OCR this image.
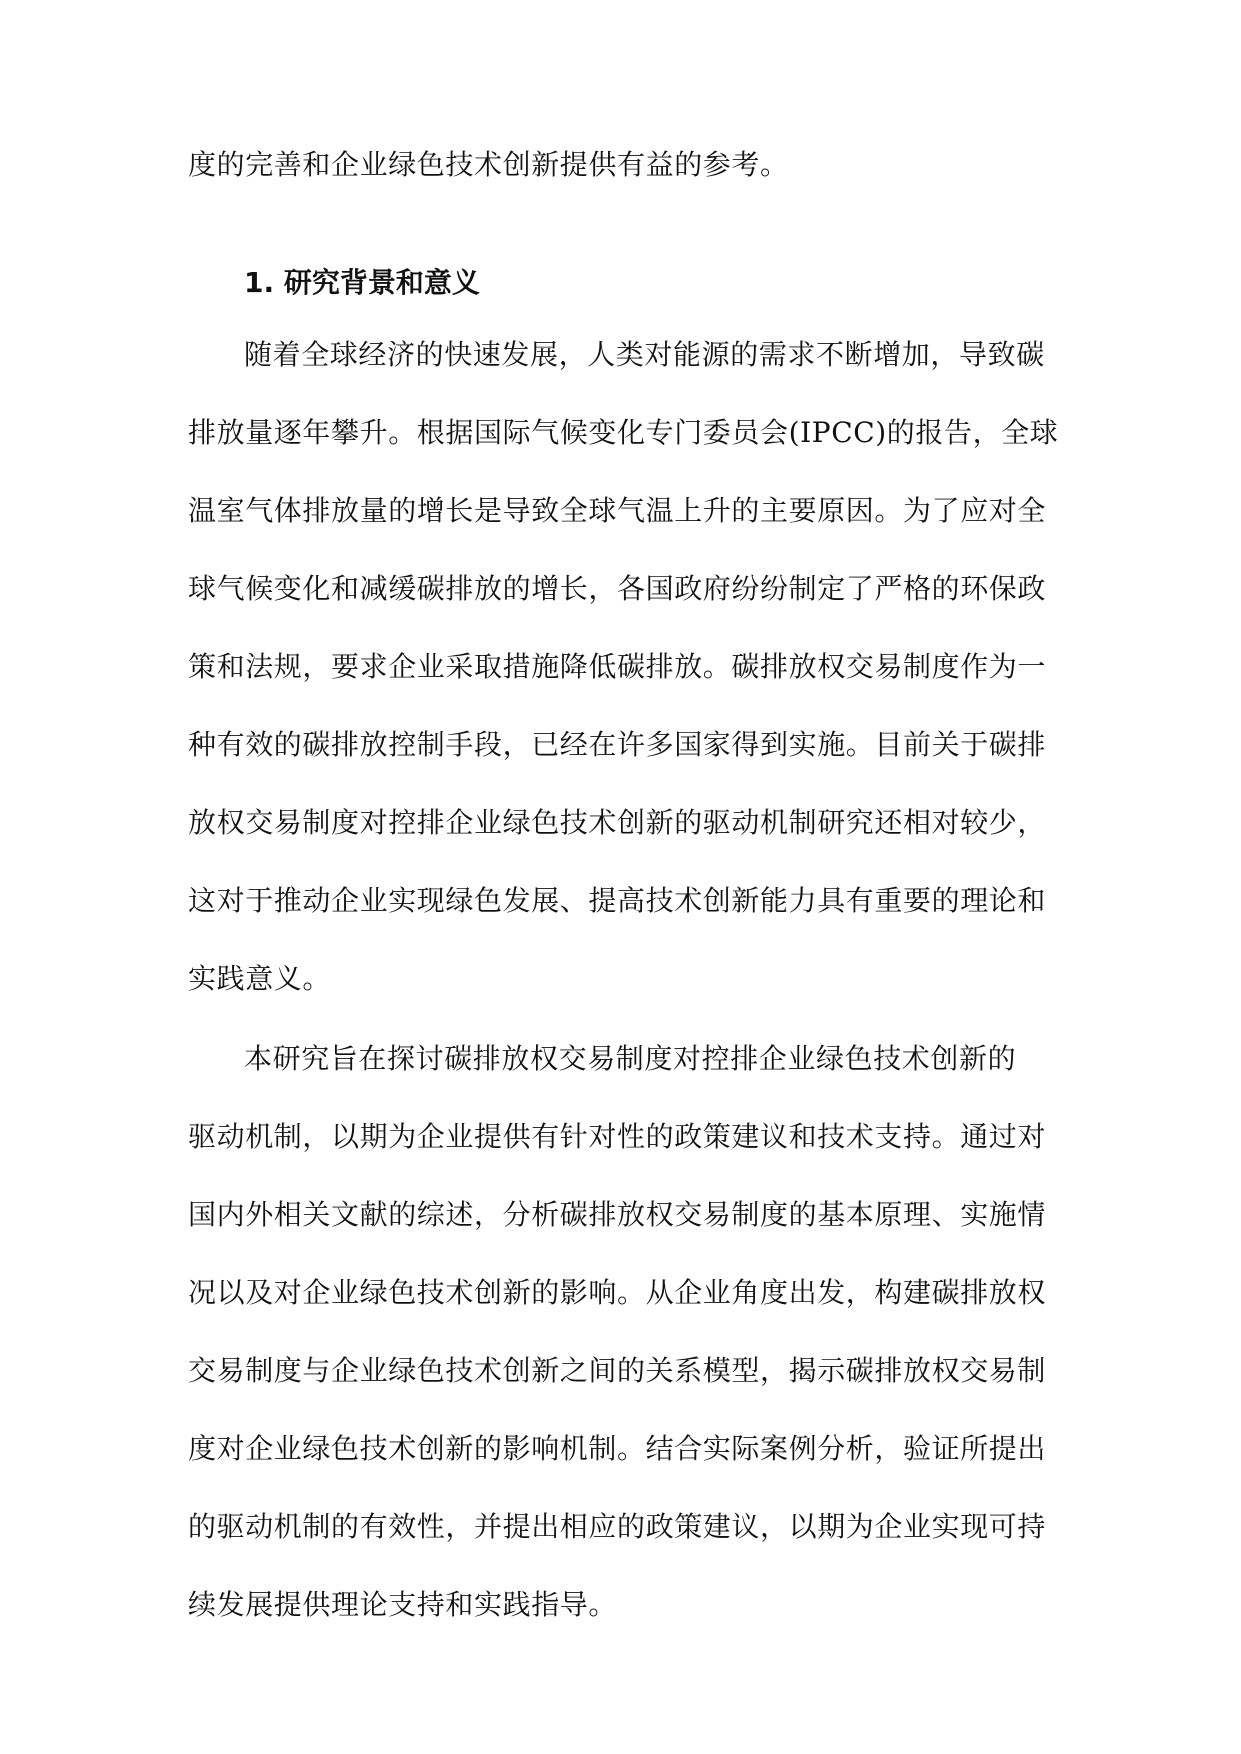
度的完善和企业绿色技术创新提供有益的参考。
1. 研究背景和意义
随着全球经济的快速发展，人类对能源的需求不断增加，导致碳
排放量逐年攀升。根据国际气候变化专门委员会(IPCC)的报告，全球
温室气体排放量的增长是导致全球气温上升的主要原因。为了应对全
球气候变化和减缓碳排放的增长，各国政府纷纷制定了严格的环保政
策和法规，要求企业采取措施降低碳排放。碳排放权交易制度作为一
种有效的碳排放控制手段，已经在许多国家得到实施。目前关于碳排
放权交易制度对控排企业绿色技术创新的驱动机制研究还相对较少，
这对于推动企业实现绿色发展、提高技术创新能力具有重要的理论和
实践意义。
本研究旨在探讨碳排放权交易制度对控排企业绿色技术创新的
驱动机制，以期为企业提供有针对性的政策建议和技术支持。通过对
国内外相关文献的综述，分析碳排放权交易制度的基本原理、实施情
况以及对企业绿色技术创新的影响。从企业角度出发，构建碳排放权
交易制度与企业绿色技术创新之间的关系模型，揭示碳排放权交易制
度对企业绿色技术创新的影响机制。结合实际案例分析，验证所提出
的驱动机制的有效性，并提出相应的政策建议，以期为企业实现可持
续发展提供理论支持和实践指导。
